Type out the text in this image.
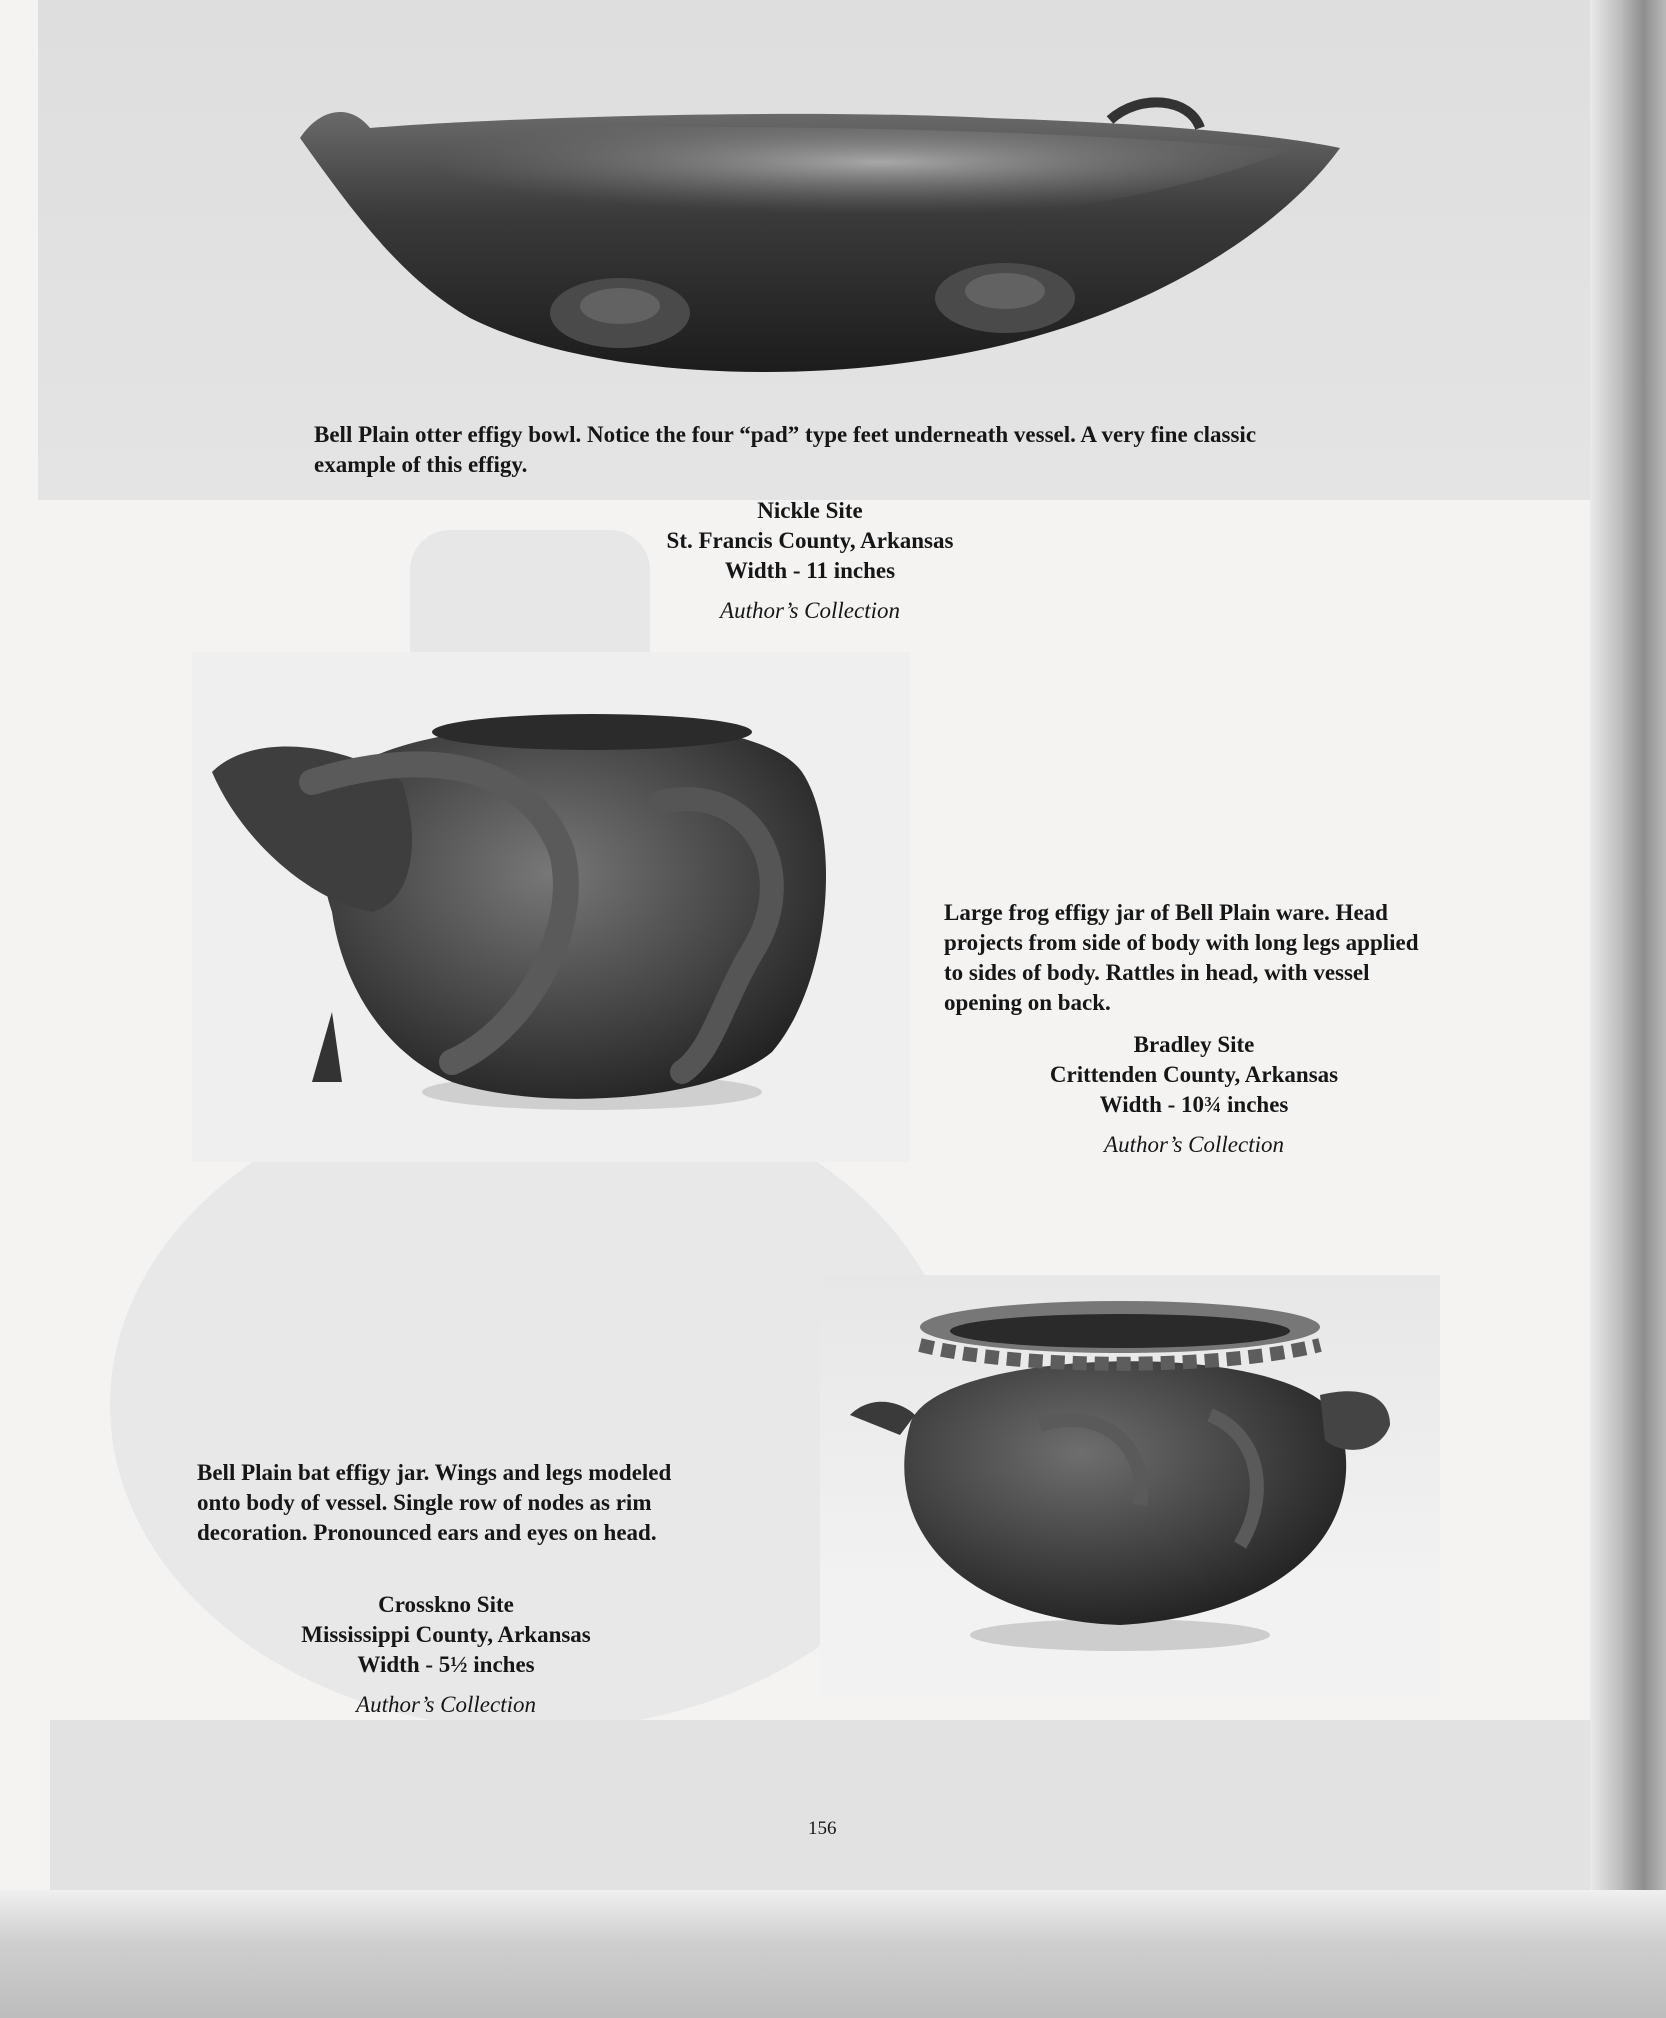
Bell Plain otter effigy bowl. Notice the four “pad” type feet underneath vessel. A very fine classic example of this effigy.
Nickle Site
St. Francis County, Arkansas
Width - 11 inches
Author’s Collection
Large frog effigy jar of Bell Plain ware. Head projects from side of body with long legs applied to sides of body. Rattles in head, with vessel opening on back.
Bradley Site
Crittenden County, Arkansas
Width - 10¾ inches
Author’s Collection
Bell Plain bat effigy jar. Wings and legs modeled onto body of vessel. Single row of nodes as rim decoration. Pronounced ears and eyes on head.
Crosskno Site
Mississippi County, Arkansas
Width - 5½ inches
Author’s Collection
156
